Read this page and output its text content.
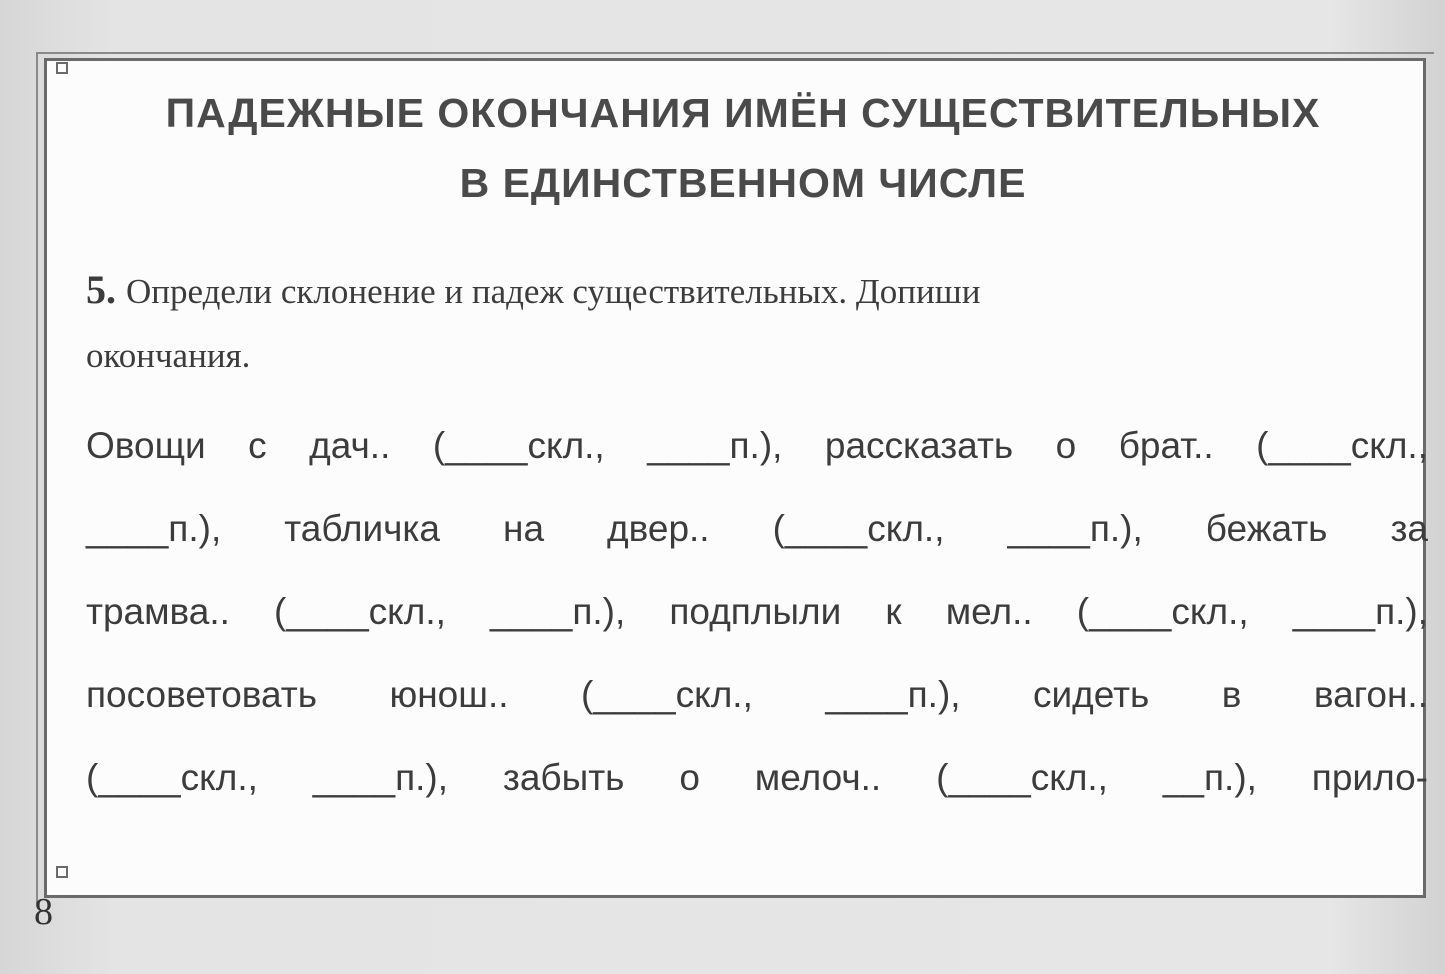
ПАДЕЖНЫЕ ОКОНЧАНИЯ ИМЁН СУЩЕСТВИТЕЛЬНЫХ
В ЕДИНСТВЕННОМ ЧИСЛЕ
5. Определи склонение и падеж существительных. Допиши
окончания.
Овощи с дач.. (____скл., ____п.), рассказать о брат.. (____скл.,
____п.), табличка на двер.. (____скл., ____п.), бежать за
трамва.. (____скл., ____п.), подплыли к мел.. (____скл., ____п.),
посоветовать юнош.. (____скл., ____п.), сидеть в вагон..
(____скл., ____п.), забыть о мелоч.. (____скл., __п.), прило-
8
